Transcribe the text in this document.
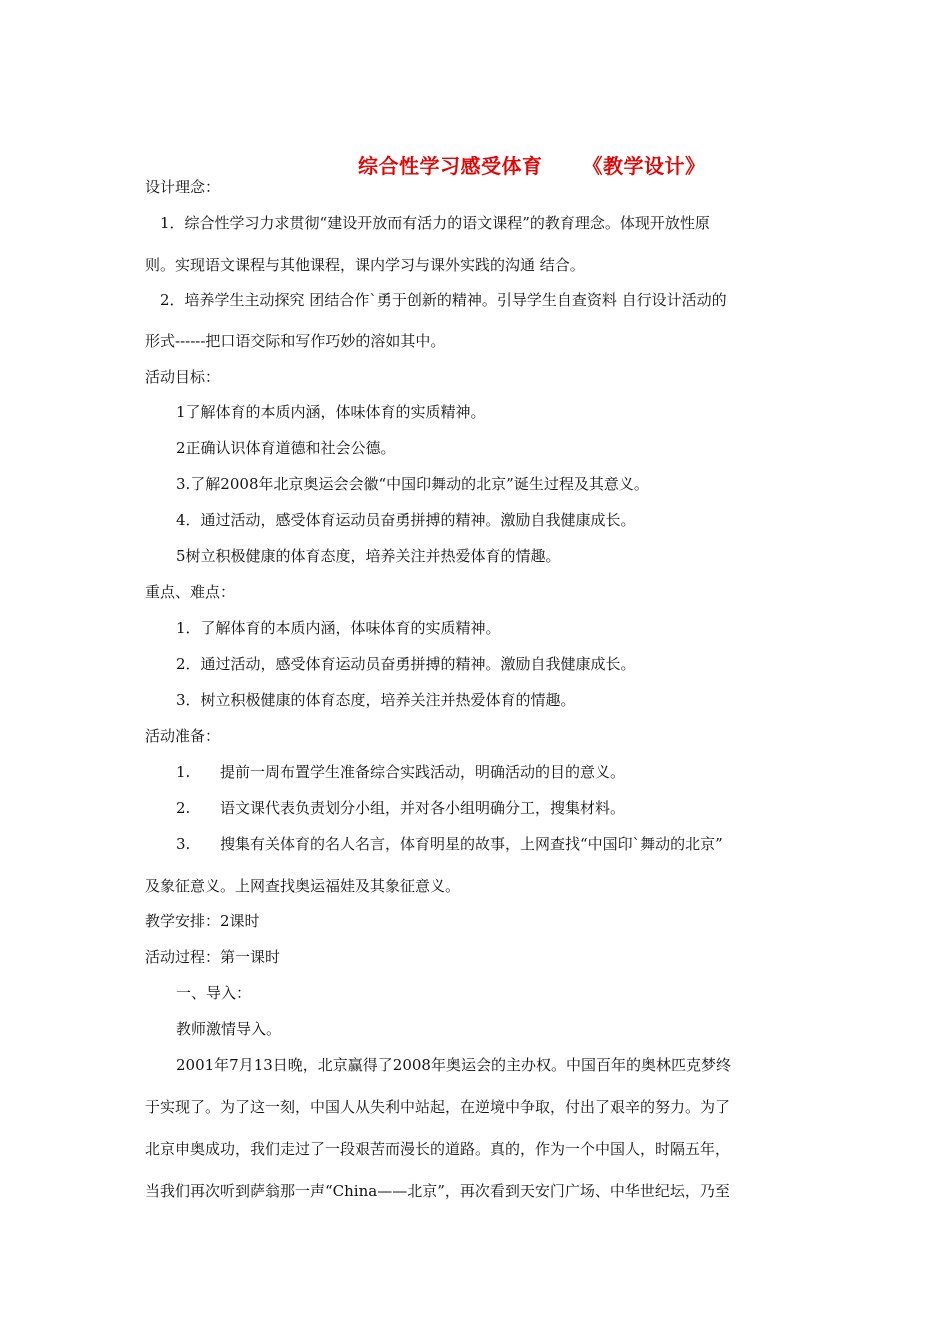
综合性学习感受体育 《教学设计》
设计理念：
1．综合性学习力求贯彻“建设开放而有活力的语文课程”的教育理念。体现开放性原
则。实现语文课程与其他课程，课内学习与课外实践的沟通 结合。
2．培养学生主动探究 团结合作`勇于创新的精神。引导学生自查资料 自行设计活动的
形式------把口语交际和写作巧妙的溶如其中。
活动目标：
1了解体育的本质内涵，体味体育的实质精神。
2正确认识体育道德和社会公德。
3.了解2008年北京奥运会会徽“中国印舞动的北京”诞生过程及其意义。
4．通过活动，感受体育运动员奋勇拼搏的精神。激励自我健康成长。
5树立积极健康的体育态度，培养关注并热爱体育的情趣。
重点、难点：
1．了解体育的本质内涵，体味体育的实质精神。
2．通过活动，感受体育运动员奋勇拼搏的精神。激励自我健康成长。
3．树立积极健康的体育态度，培养关注并热爱体育的情趣。
活动准备：
1. 提前一周布置学生准备综合实践活动，明确活动的目的意义。
2. 语文课代表负责划分小组，并对各小组明确分工，搜集材料。
3. 搜集有关体育的名人名言，体育明星的故事，上网查找“中国印`舞动的北京”
及象征意义。上网查找奥运福娃及其象征意义。
教学安排：2课时
活动过程：第一课时
一、导入：
教师激情导入。
2001年7月13日晚，北京赢得了2008年奥运会的主办权。中国百年的奥林匹克梦终
于实现了。为了这一刻，中国人从失利中站起，在逆境中争取，付出了艰辛的努力。为了
北京申奥成功，我们走过了一段艰苦而漫长的道路。真的，作为一个中国人，时隔五年，
当我们再次听到萨翁那一声“China——北京”，再次看到天安门广场、中华世纪坛，乃至
